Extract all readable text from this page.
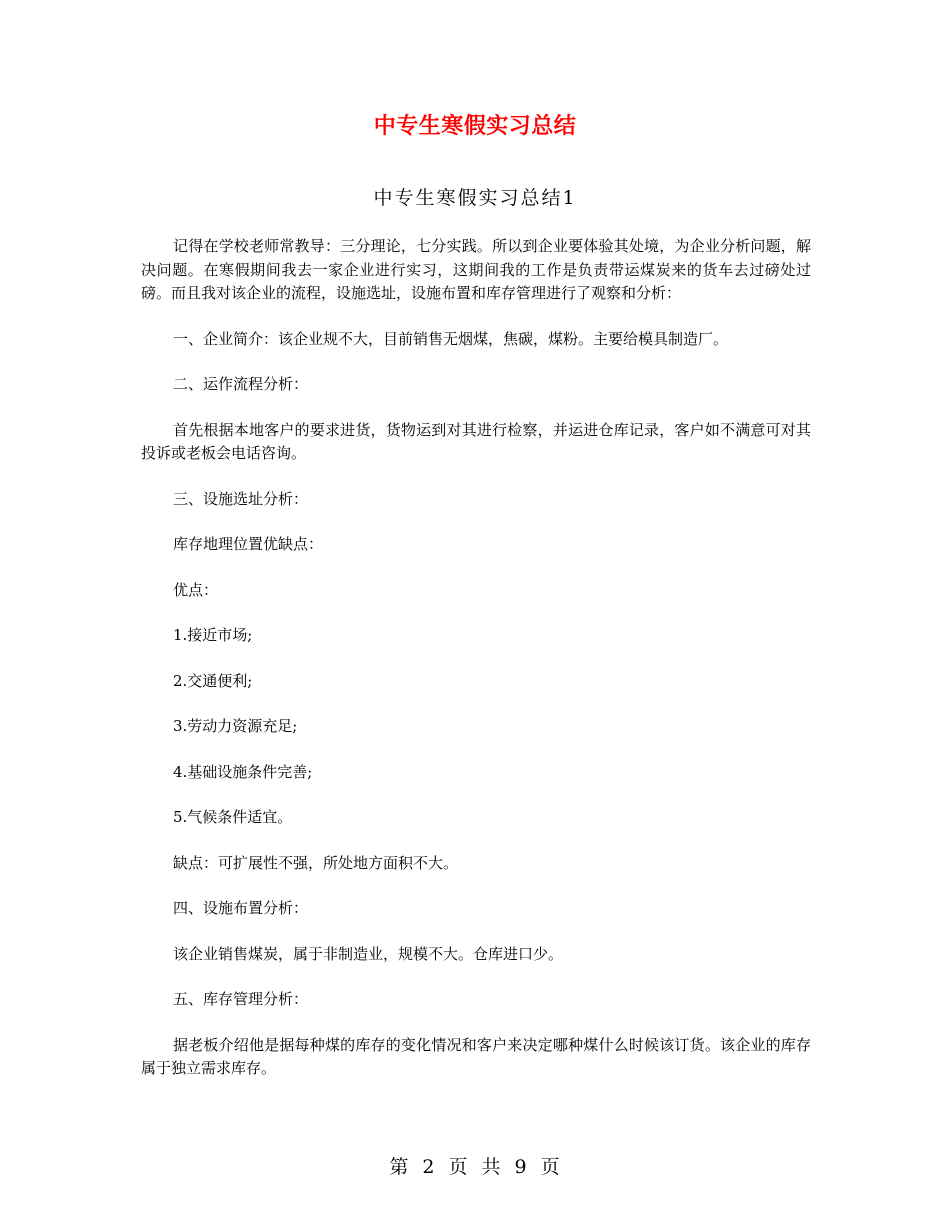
中专生寒假实习总结
中专生寒假实习总结1

记得在学校老师常教导：三分理论，七分实践。所以到企业要体验其处境，为企业分析问题，解决问题。在寒假期间我去一家企业进行实习，这期间我的工作是负责带运煤炭来的货车去过磅处过磅。而且我对该企业的流程，设施选址，设施布置和库存管理进行了观察和分析：

一、企业简介：该企业规不大，目前销售无烟煤，焦碳，煤粉。主要给模具制造厂。

二、运作流程分析：

首先根据本地客户的要求进货，货物运到对其进行检察，并运进仓库记录，客户如不满意可对其投诉或老板会电话咨询。

三、设施选址分析：

库存地理位置优缺点：

优点：

1.接近市场;

2.交通便利;

3.劳动力资源充足;

4.基础设施条件完善;

5.气候条件适宜。

缺点：可扩展性不强，所处地方面积不大。

四、设施布置分析：

该企业销售煤炭，属于非制造业，规模不大。仓库进口少。

五、库存管理分析：

据老板介绍他是据每种煤的库存的变化情况和客户来决定哪种煤什么时候该订货。该企业的库存属于独立需求库存。

第 2 页 共 9 页
